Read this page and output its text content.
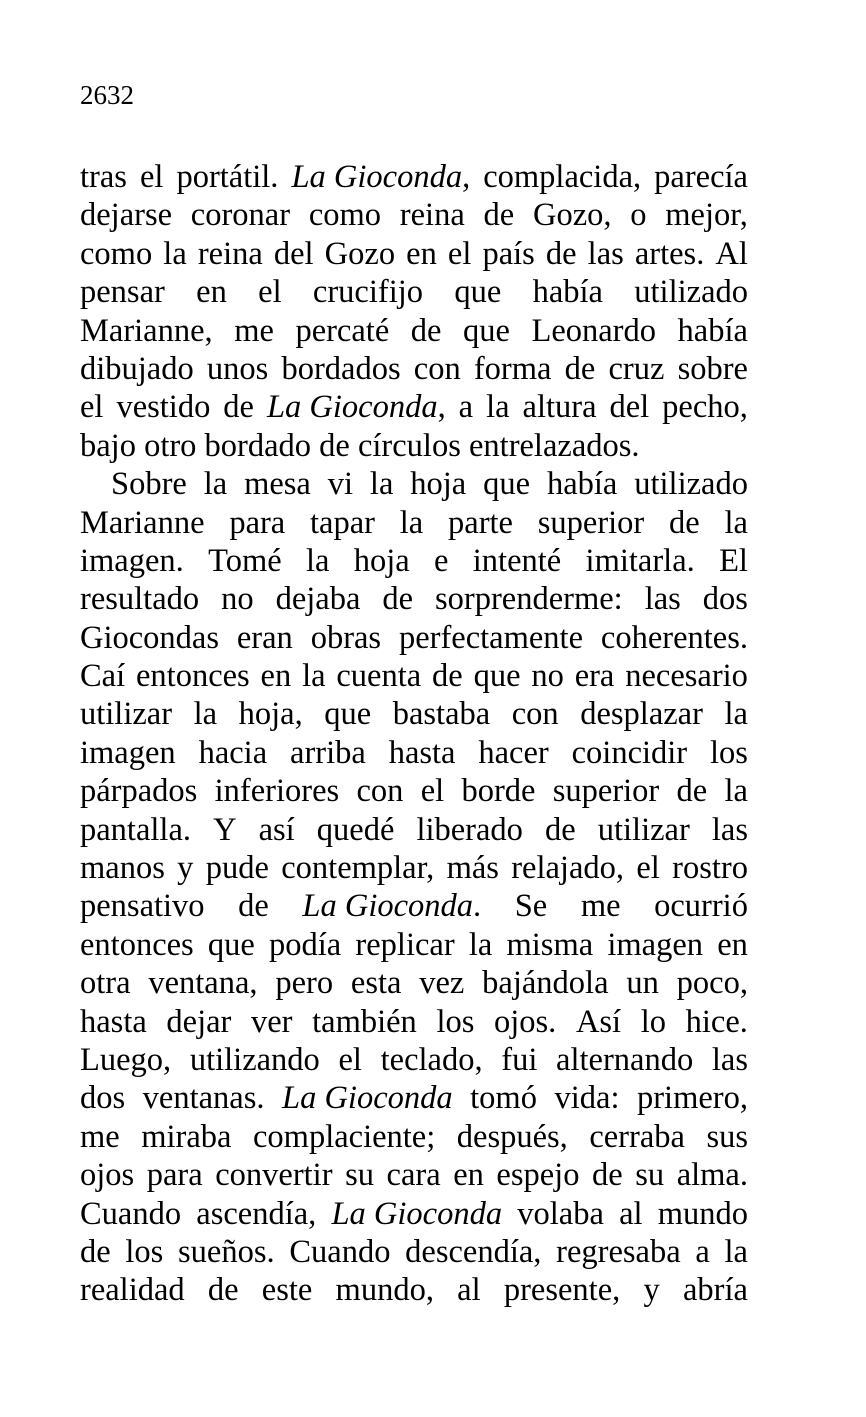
2632
tras el portátil. La Gioconda, complacida, parecía
dejarse coronar como reina de Gozo, o mejor,
como la reina del Gozo en el país de las artes. Al
pensar en el crucifijo que había utilizado
Marianne, me percaté de que Leonardo había
dibujado unos bordados con forma de cruz sobre
el vestido de La Gioconda, a la altura del pecho,
bajo otro bordado de círculos entrelazados.
Sobre la mesa vi la hoja que había utilizado
Marianne para tapar la parte superior de la
imagen. Tomé la hoja e intenté imitarla. El
resultado no dejaba de sorprenderme: las dos
Giocondas eran obras perfectamente coherentes.
Caí entonces en la cuenta de que no era necesario
utilizar la hoja, que bastaba con desplazar la
imagen hacia arriba hasta hacer coincidir los
párpados inferiores con el borde superior de la
pantalla. Y así quedé liberado de utilizar las
manos y pude contemplar, más relajado, el rostro
pensativo de La Gioconda. Se me ocurrió
entonces que podía replicar la misma imagen en
otra ventana, pero esta vez bajándola un poco,
hasta dejar ver también los ojos. Así lo hice.
Luego, utilizando el teclado, fui alternando las
dos ventanas. La Gioconda tomó vida: primero,
me miraba complaciente; después, cerraba sus
ojos para convertir su cara en espejo de su alma.
Cuando ascendía, La Gioconda volaba al mundo
de los sueños. Cuando descendía, regresaba a la
realidad de este mundo, al presente, y abría
